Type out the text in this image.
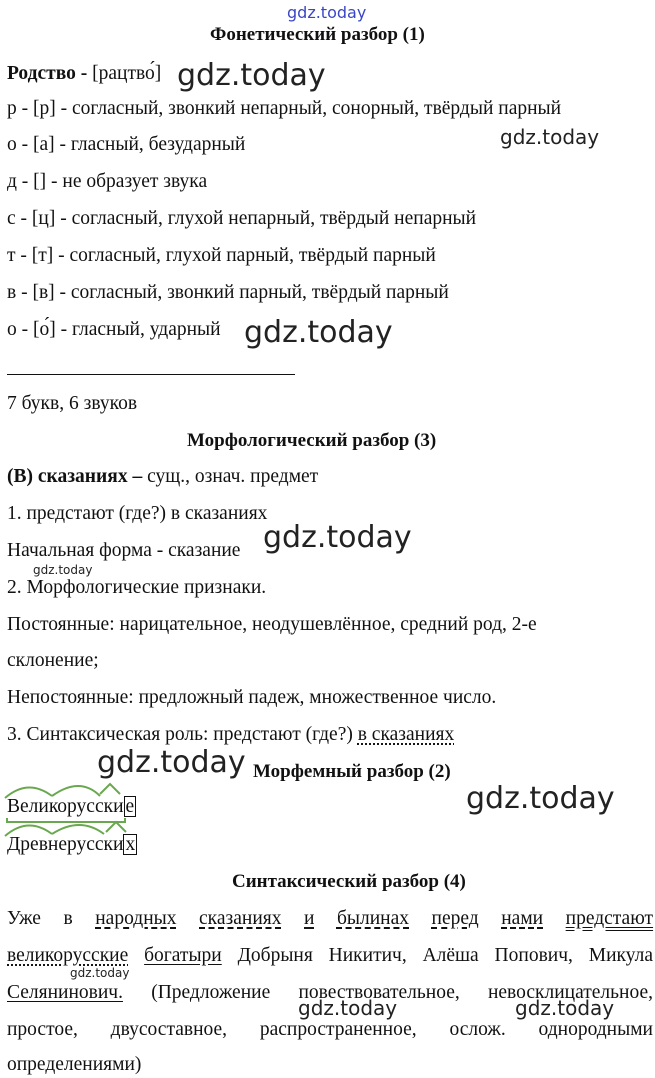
gdz.today
Фонетический разбор (1)
Родство - [рацтво́] gdz.today
р - [р] - согласный, звонкий непарный, сонорный, твёрдый парный
о - [а] - гласный, безударный	gdz.today
д - [] - не образует звука
с - [ц] - согласный, глухой непарный, твёрдый непарный
т - [т] - согласный, глухой парный, твёрдый парный
в - [в] - согласный, звонкий парный, твёрдый парный
о - [о́] - гласный, ударный gdz.today
7 букв, 6 звуков
Морфологический разбор (3)
(В) сказаниях – сущ., означ. предмет
1. предстают (где?) в сказаниях
Начальная форма - сказание gdz.today
gdz.today
2. Морфологические признаки.
Постоянные: нарицательное, неодушевлённое, средний род, 2-е
склонение;
Непостоянные: предложный падеж, множественное число.
3. Синтаксическая роль: предстают (где?) в сказаниях
gdz.today Морфемный разбор (2)
gdz.today
Великорусски е
Древнерусски х
Синтаксический разбор (4)
Уже в народных сказаниях и былинах перед нами предстают
великорусские богатыри Добрыня Никитич, Алёша Попович, Микула
gdz.today
Селянинович. (Предложение повествовательное, невосклицательное,
gdz.today	gdz.today
простое, двусоставное, распространенное, ослож. однородными
определениями)
